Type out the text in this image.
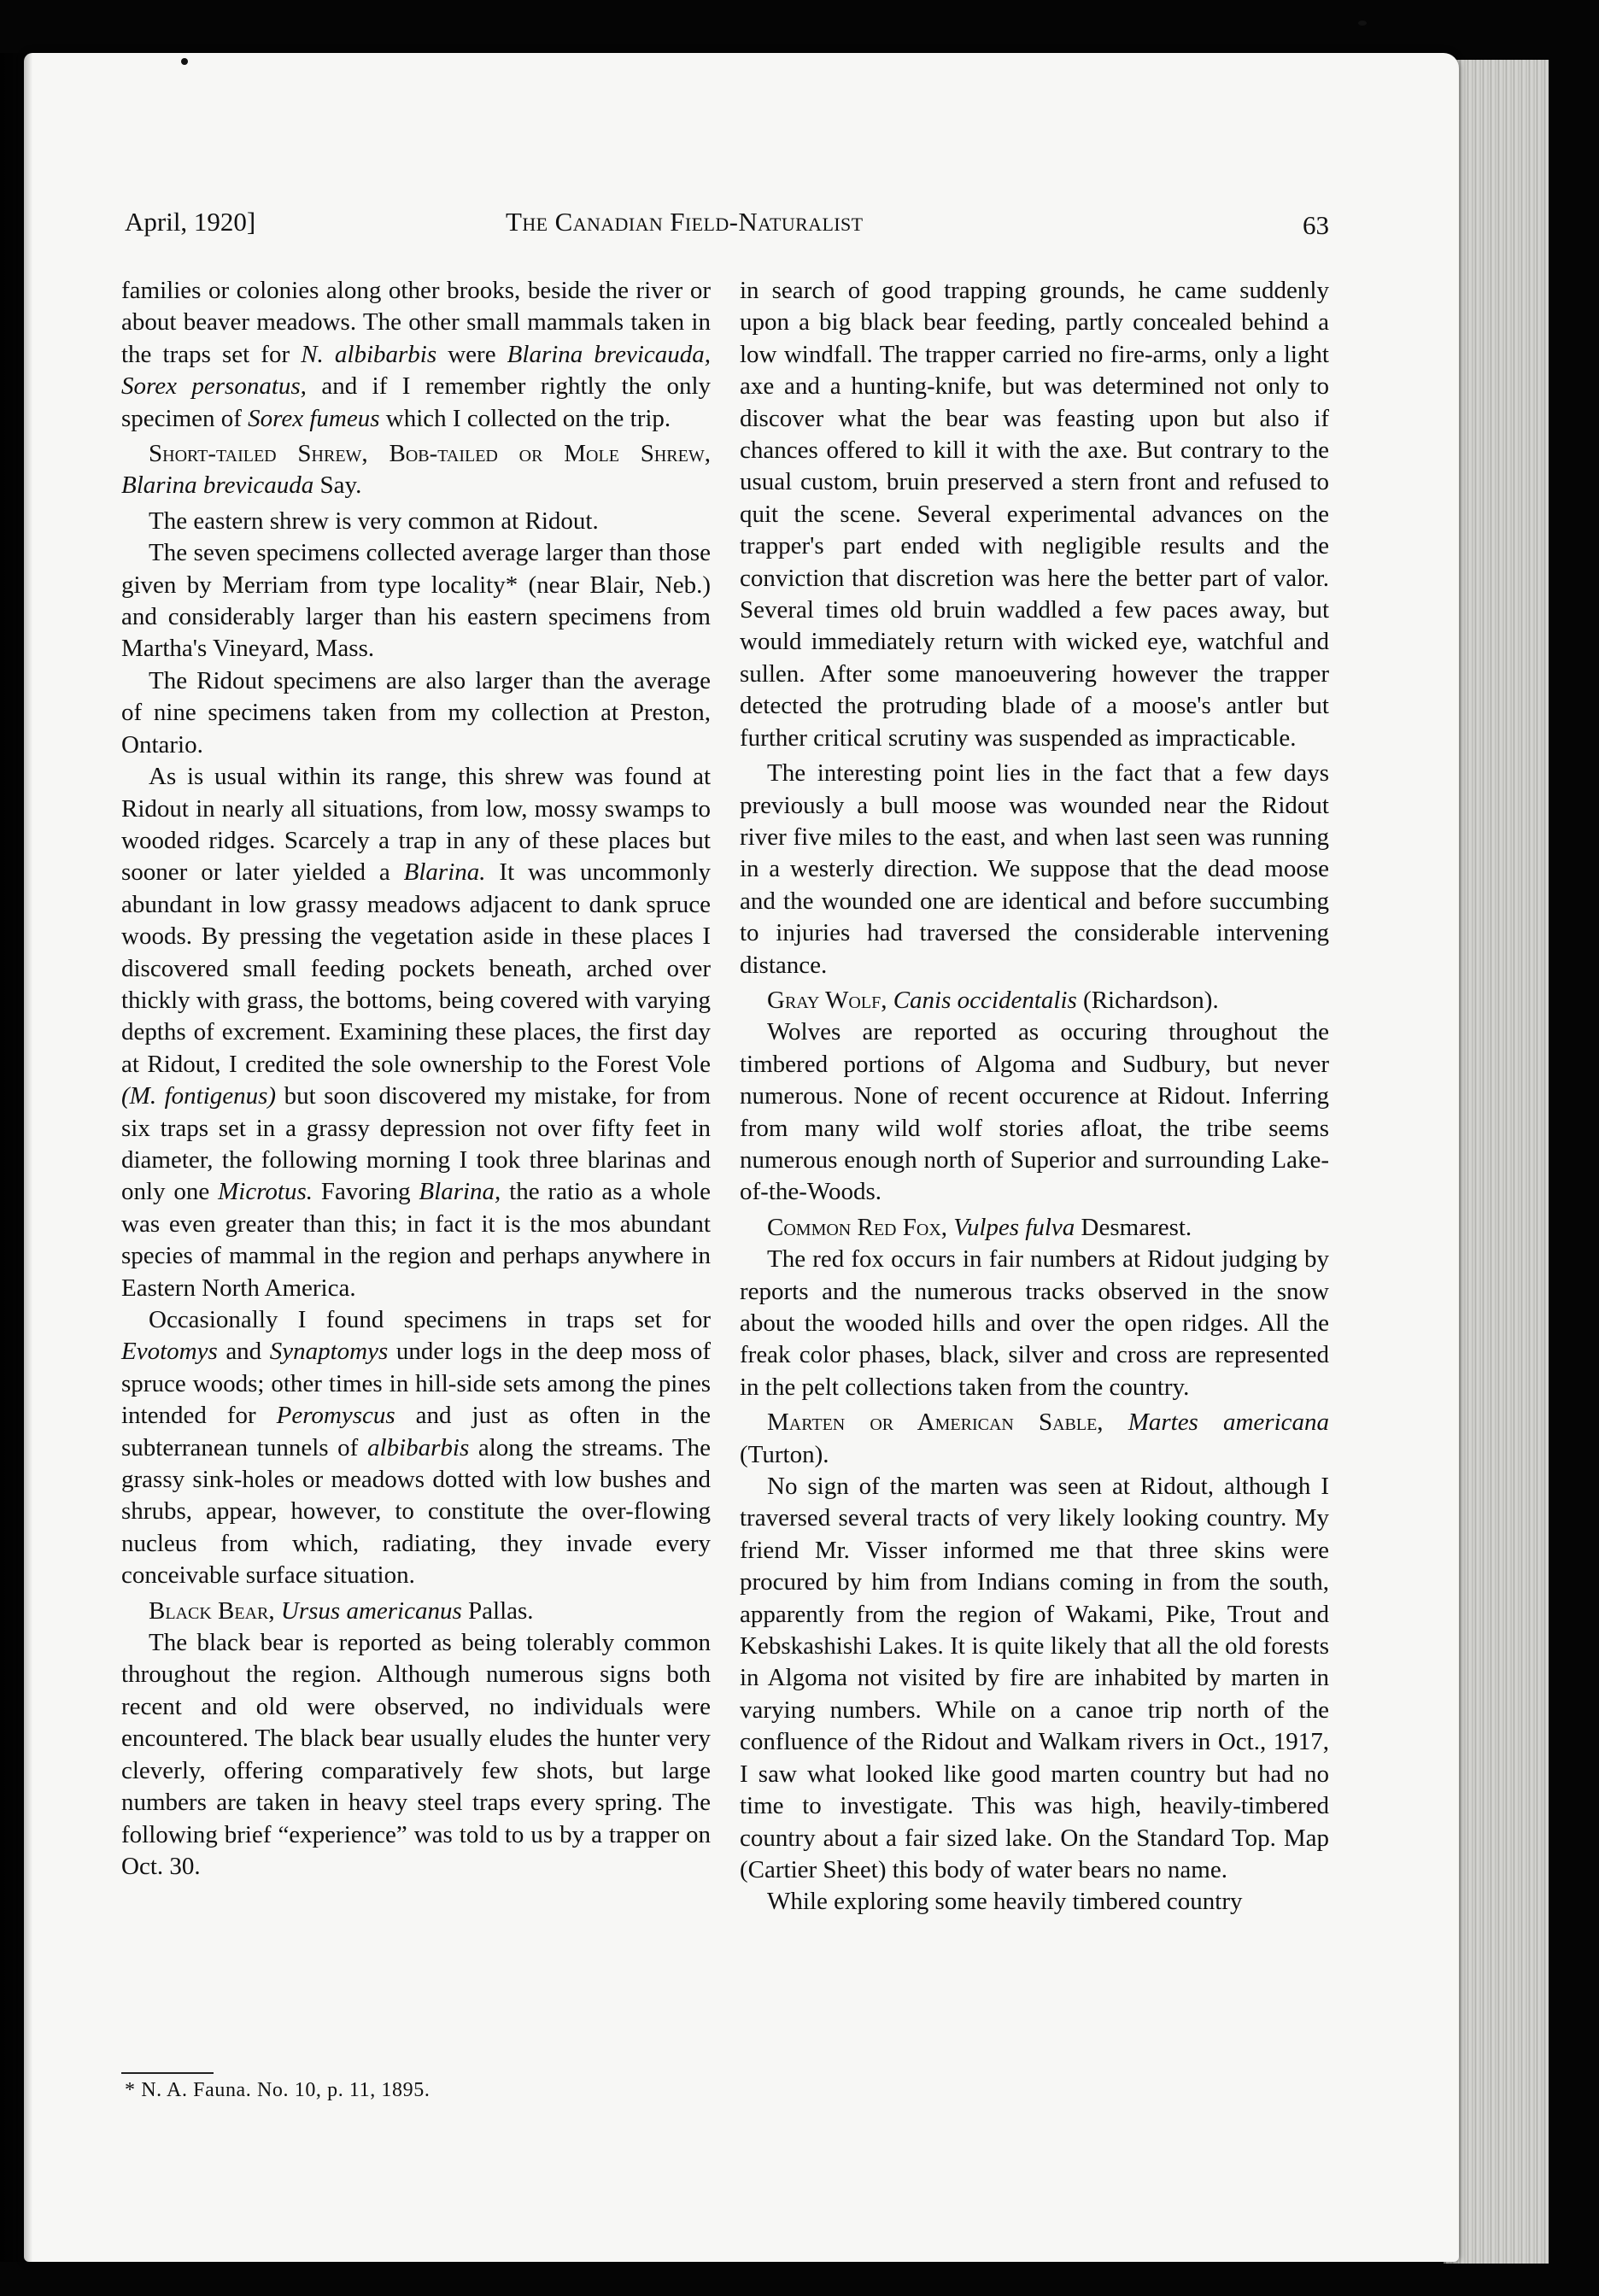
April, 1920]	The Canadian Field-Naturalist	63

families or colonies along other brooks, beside the river or about beaver meadows. The other small mammals taken in the traps set for N. albibarbis were Blarina brevicauda, Sorex personatus, and if I remember rightly the only specimen of Sorex fumeus which I collected on the trip.

Short-tailed Shrew, Bob-tailed or Mole Shrew, Blarina brevicauda Say.

The eastern shrew is very common at Ridout.

The seven specimens collected average larger than those given by Merriam from type locality* (near Blair, Neb.) and considerably larger than his eastern specimens from Martha's Vineyard, Mass.

The Ridout specimens are also larger than the average of nine specimens taken from my collection at Preston, Ontario.

As is usual within its range, this shrew was found at Ridout in nearly all situations, from low, mossy swamps to wooded ridges. Scarcely a trap in any of these places but sooner or later yielded a Blarina. It was uncommonly abundant in low grassy meadows adjacent to dank spruce woods. By pressing the vegetation aside in these places I discovered small feeding pockets beneath, arched over thickly with grass, the bottoms, being covered with varying depths of excrement. Examining these places, the first day at Ridout, I credited the sole ownership to the Forest Vole (M. fontigenus) but soon discovered my mistake, for from six traps set in a grassy depression not over fifty feet in diameter, the following morning I took three blarinas and only one Microtus. Favoring Blarina, the ratio as a whole was even greater than this; in fact it is the mos abundant species of mammal in the region and perhaps anywhere in Eastern North America.

Occasionally I found specimens in traps set for Evotomys and Synaptomys under logs in the deep moss of spruce woods; other times in hill-side sets among the pines intended for Peromyscus and just as often in the subterranean tunnels of albibarbis along the streams. The grassy sink-holes or meadows dotted with low bushes and shrubs, appear, however, to constitute the over-flowing nucleus from which, radiating, they invade every conceivable surface situation.

Black Bear, Ursus americanus Pallas.

The black bear is reported as being tolerably common throughout the region. Although numerous signs both recent and old were observed, no individuals were encountered. The black bear usually eludes the hunter very cleverly, offering comparatively few shots, but large numbers are taken in heavy steel traps every spring. The following brief “experience” was told to us by a trapper on Oct. 30.

in search of good trapping grounds, he came suddenly upon a big black bear feeding, partly concealed behind a low windfall. The trapper carried no fire-arms, only a light axe and a hunting-knife, but was determined not only to discover what the bear was feasting upon but also if chances offered to kill it with the axe. But contrary to the usual custom, bruin preserved a stern front and refused to quit the scene. Several experimental advances on the trapper's part ended with negligible results and the conviction that discretion was here the better part of valor. Several times old bruin waddled a few paces away, but would immediately return with wicked eye, watchful and sullen. After some manoeuvering however the trapper detected the protruding blade of a moose's antler but further critical scrutiny was suspended as impracticable.

The interesting point lies in the fact that a few days previously a bull moose was wounded near the Ridout river five miles to the east, and when last seen was running in a westerly direction. We suppose that the dead moose and the wounded one are identical and before succumbing to injuries had traversed the considerable intervening distance.

Gray Wolf, Canis occidentalis (Richardson).

Wolves are reported as occuring throughout the timbered portions of Algoma and Sudbury, but never numerous. None of recent occurence at Ridout. Inferring from many wild wolf stories afloat, the tribe seems numerous enough north of Superior and surrounding Lake-of-the-Woods.

Common Red Fox, Vulpes fulva Desmarest.

The red fox occurs in fair numbers at Ridout judging by reports and the numerous tracks observed in the snow about the wooded hills and over the open ridges. All the freak color phases, black, silver and cross are represented in the pelt collections taken from the country.

Marten or American Sable, Martes americana (Turton).

No sign of the marten was seen at Ridout, although I traversed several tracts of very likely looking country. My friend Mr. Visser informed me that three skins were procured by him from Indians coming in from the south, apparently from the region of Wakami, Pike, Trout and Kebskashishi Lakes. It is quite likely that all the old forests in Algoma not visited by fire are inhabited by marten in varying numbers. While on a canoe trip north of the confluence of the Ridout and Walkam rivers in Oct., 1917, I saw what looked like good marten country but had no time to investigate. This was high, heavily-timbered country about a fair sized lake. On the Standard Top. Map (Cartier Sheet) this body of water bears no name.

While exploring some heavily timbered country

* N. A. Fauna. No. 10, p. 11, 1895.
